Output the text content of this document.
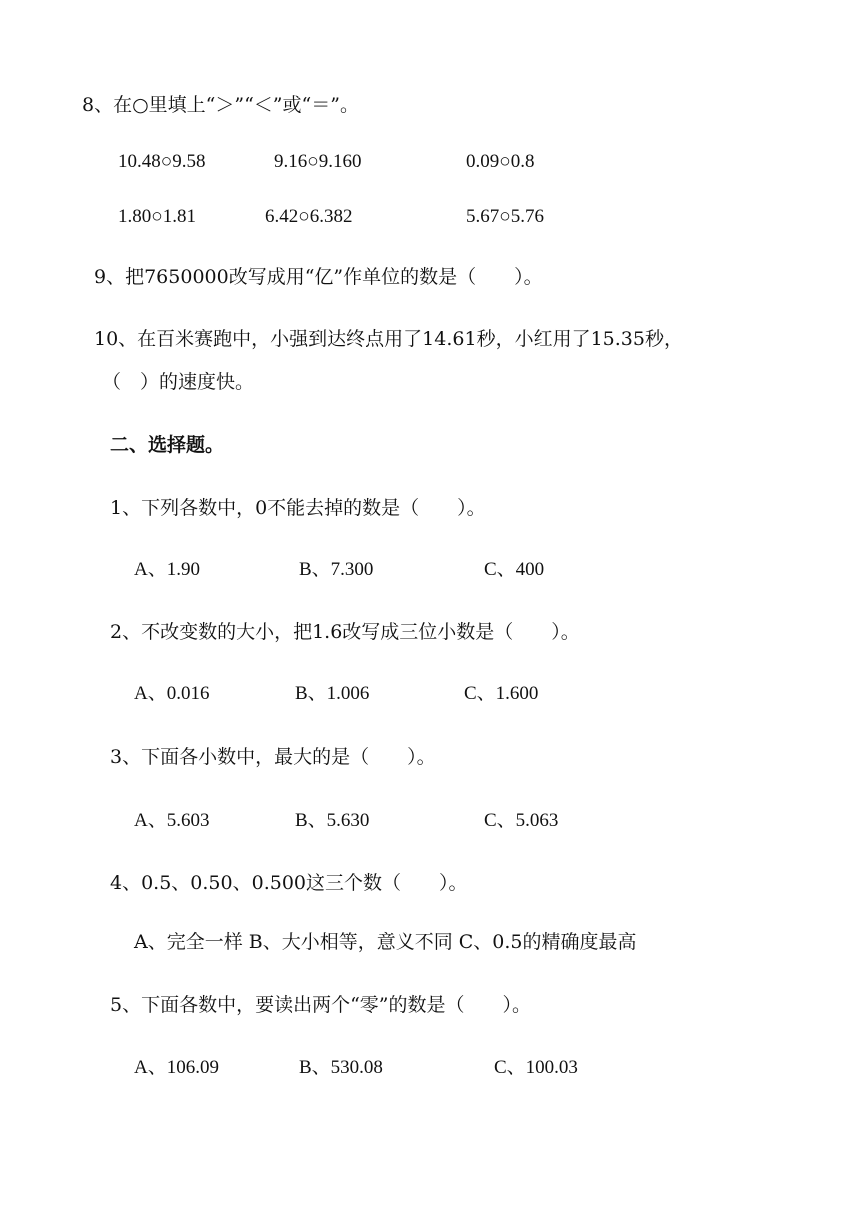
8、在○里填上“＞”“＜”或“＝”。
10.48○9.58	9.16○9.160	0.09○0.8
1.80○1.81	6.42○6.382	5.67○5.76
9、把7650000改写成用“亿”作单位的数是（　　）。
10、在百米赛跑中，小强到达终点用了14.61秒，小红用了15.35秒，
（　）的速度快。
二、选择题。
1、下列各数中，0不能去掉的数是（　　）。
A、1.90	B、7.300	C、400
2、不改变数的大小，把1.6改写成三位小数是（　　）。
A、0.016	B、1.006	C、1.600
3、下面各小数中，最大的是（　　）。
A、5.603	B、5.630	C、5.063
4、0.5、0.50、0.500这三个数（　　）。
A、完全一样 B、大小相等，意义不同 C、0.5的精确度最高
5、下面各数中，要读出两个“零”的数是（　　）。
A、106.09	B、530.08	C、100.03
